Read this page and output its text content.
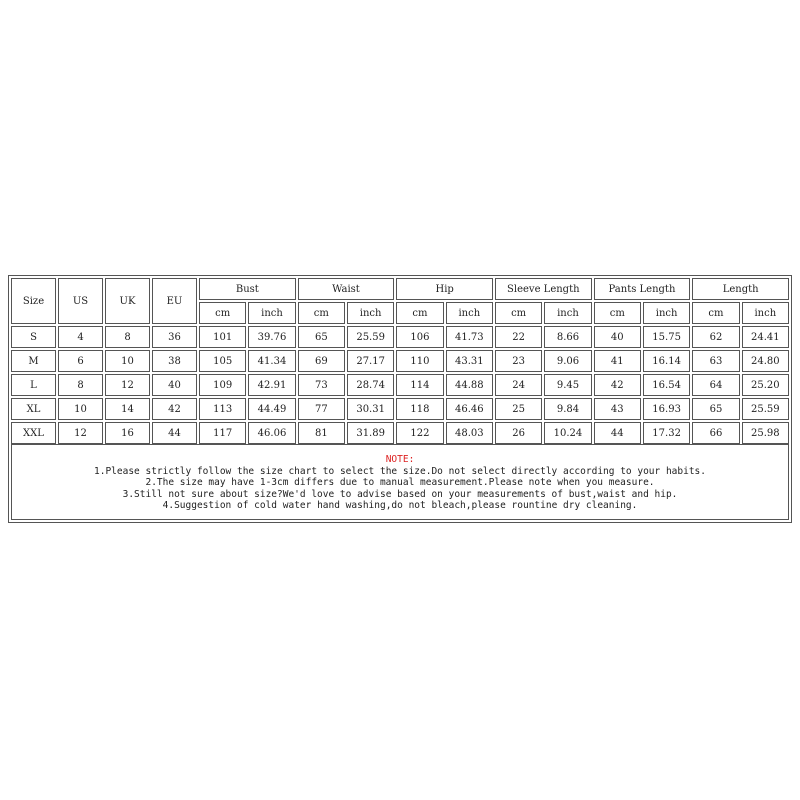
Size	US	UK	EU	Bust		Waist		Hip		Sleeve Length		Pants Length		Length	
				cm	inch	cm	inch	cm	inch	cm	inch	cm	inch	cm	inch
S	4	8	36	101	39.76	65	25.59	106	41.73	22	8.66	40	15.75	62	24.41
M	6	10	38	105	41.34	69	27.17	110	43.31	23	9.06	41	16.14	63	24.80
L	8	12	40	109	42.91	73	28.74	114	44.88	24	9.45	42	16.54	64	25.20
XL	10	14	42	113	44.49	77	30.31	118	46.46	25	9.84	43	16.93	65	25.59
XXL	12	16	44	117	46.06	81	31.89	122	48.03	26	10.24	44	17.32	66	25.98
NOTE:
1.Please strictly follow the size chart to select the size.Do not select directly according to your habits.
2.The size may have 1-3cm differs due to manual measurement.Please note when you measure.
3.Still not sure about size?We'd love to advise based on your measurements of bust,waist and hip.
4.Suggestion of cold water hand washing,do not bleach,please rountine dry cleaning.
